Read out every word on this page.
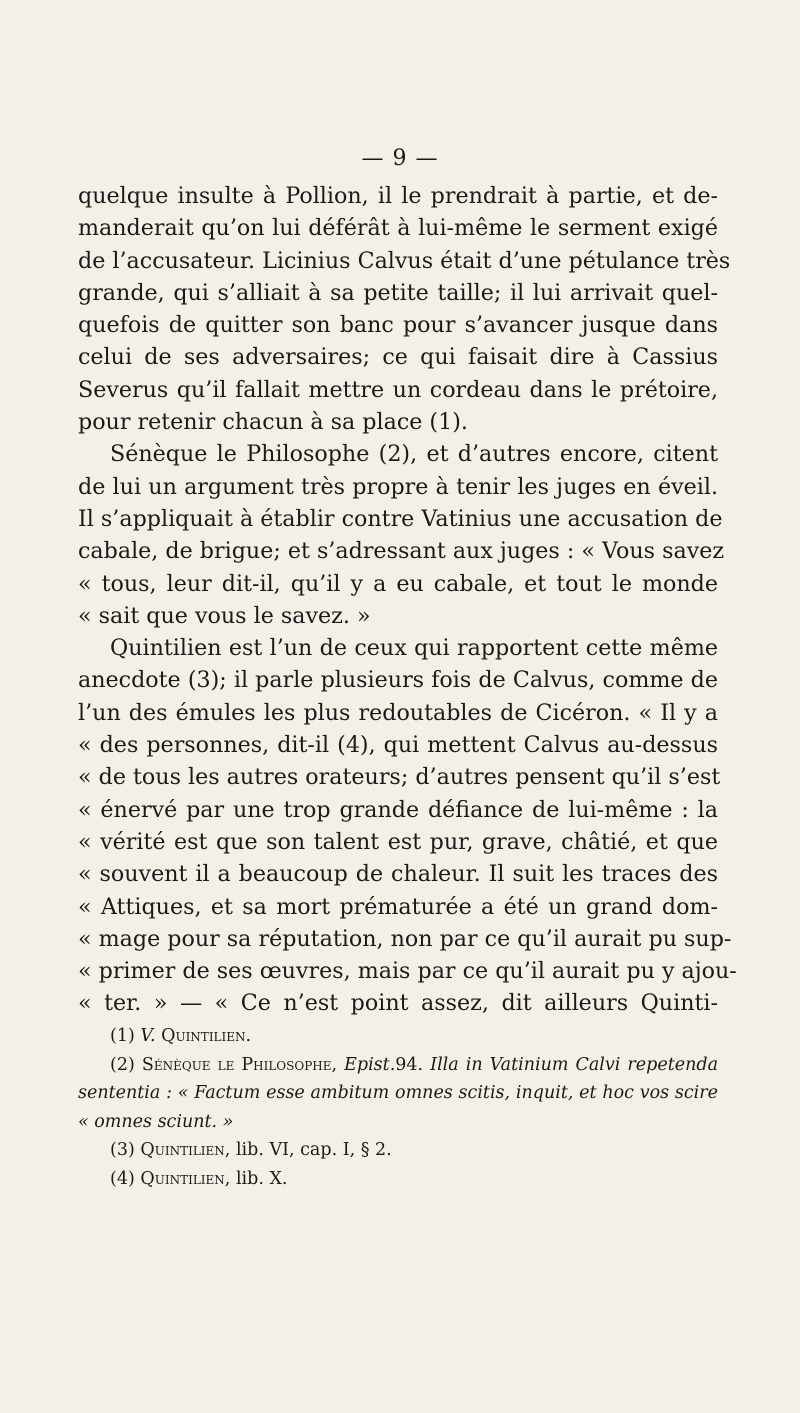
— 9 —
quelque insulte à Pollion, il le prendrait à partie, et de-
manderait qu’on lui déférât à lui-même le serment exigé
de l’accusateur. Licinius Calvus était d’une pétulance très
grande, qui s’alliait à sa petite taille; il lui arrivait quel-
quefois de quitter son banc pour s’avancer jusque dans
celui de ses adversaires; ce qui faisait dire à Cassius
Severus qu’il fallait mettre un cordeau dans le prétoire,
pour retenir chacun à sa place (1).
Sénèque le Philosophe (2), et d’autres encore, citent
de lui un argument très propre à tenir les juges en éveil.
Il s’appliquait à établir contre Vatinius une accusation de
cabale, de brigue; et s’adressant aux juges : « Vous savez
« tous, leur dit-il, qu’il y a eu cabale, et tout le monde
« sait que vous le savez. »
Quintilien est l’un de ceux qui rapportent cette même
anecdote (3); il parle plusieurs fois de Calvus, comme de
l’un des émules les plus redoutables de Cicéron. « Il y a
« des personnes, dit-il (4), qui mettent Calvus au-dessus
« de tous les autres orateurs; d’autres pensent qu’il s’est
« énervé par une trop grande défiance de lui-même : la
« vérité est que son talent est pur, grave, châtié, et que
« souvent il a beaucoup de chaleur. Il suit les traces des
« Attiques, et sa mort prématurée a été un grand dom-
« mage pour sa réputation, non par ce qu’il aurait pu sup-
« primer de ses œuvres, mais par ce qu’il aurait pu y ajou-
« ter. » — « Ce n’est point assez, dit ailleurs Quinti-
(1) V. Quintilien.
(2) Sénèque le Philosophe, Epist.94. Illa in Vatinium Calvi repetenda
sententia : « Factum esse ambitum omnes scitis, inquit, et hoc vos scire
« omnes sciunt. »
(3) Quintilien, lib. VI, cap. I, § 2.
(4) Quintilien, lib. X.
